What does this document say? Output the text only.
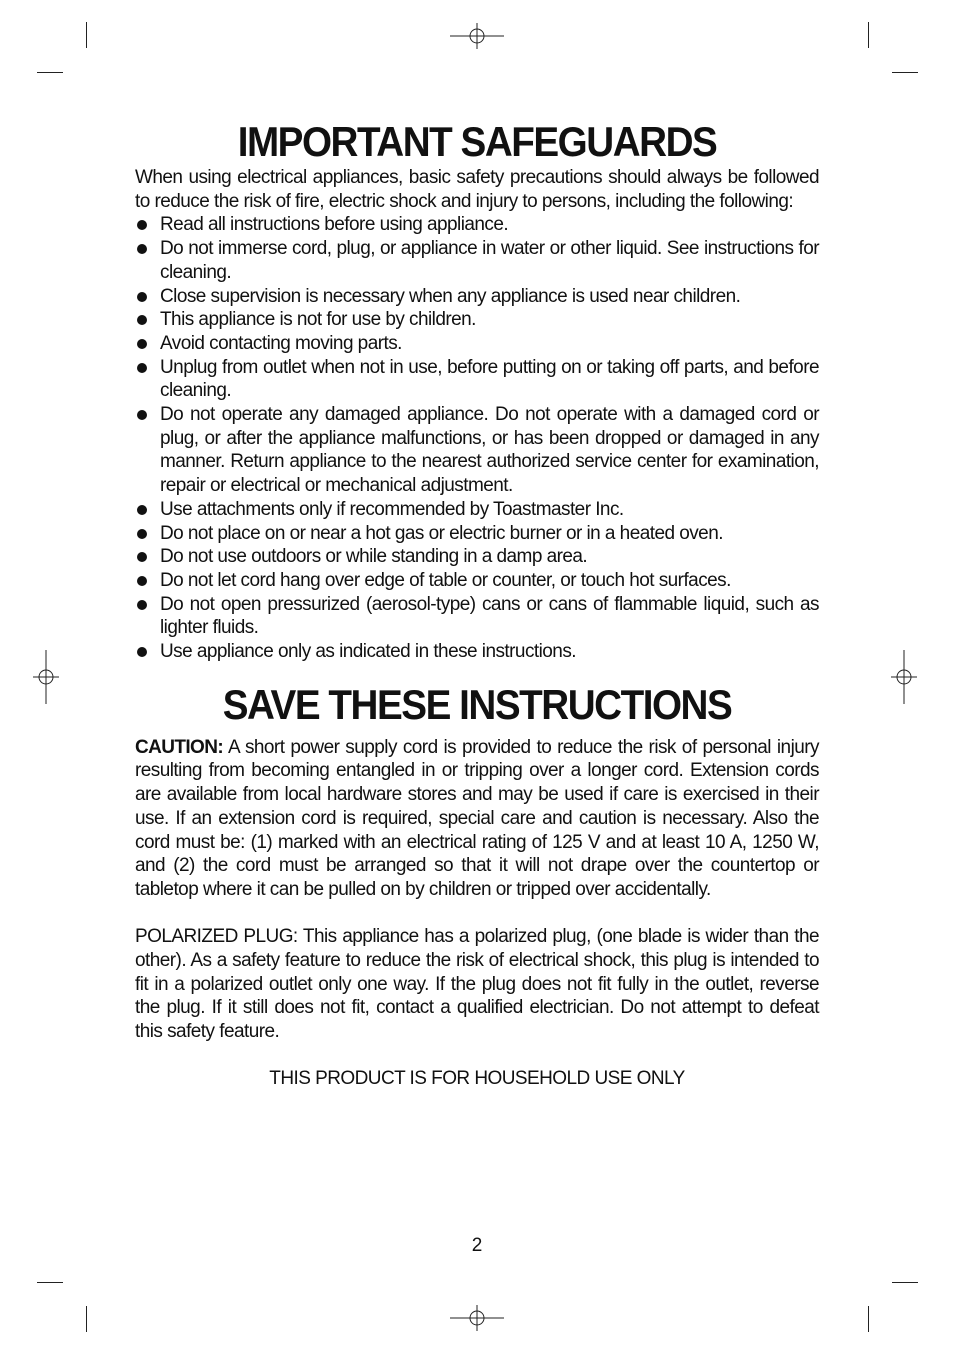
IMPORTANT SAFEGUARDS

When using electrical appliances, basic safety precautions should always be followed to reduce the risk of fire, electric shock and injury to persons, including the following:

Read all instructions before using appliance.
Do not immerse cord, plug, or appliance in water or other liquid. See instructions for cleaning.
Close supervision is necessary when any appliance is used near children.
This appliance is not for use by children.
Avoid contacting moving parts.
Unplug from outlet when not in use, before putting on or taking off parts, and before cleaning.
Do not operate any damaged appliance. Do not operate with a damaged cord or plug, or after the appliance malfunctions, or has been dropped or damaged in any manner. Return appliance to the nearest authorized service center for examination, repair or electrical or mechanical adjustment.
Use attachments only if recommended by Toastmaster Inc.
Do not place on or near a hot gas or electric burner or in a heated oven.
Do not use outdoors or while standing in a damp area.
Do not let cord hang over edge of table or counter, or touch hot surfaces.
Do not open pressurized (aerosol-type) cans or cans of flammable liquid, such as lighter fluids.
Use appliance only as indicated in these instructions.
SAVE THESE INSTRUCTIONS

CAUTION: A short power supply cord is provided to reduce the risk of personal injury resulting from becoming entangled in or tripping over a longer cord. Extension cords are available from local hardware stores and may be used if care is exercised in their use. If an extension cord is required, special care and caution is necessary. Also the cord must be: (1) marked with an electrical rating of 125 V and at least 10 A, 1250 W, and (2) the cord must be arranged so that it will not drape over the countertop or tabletop where it can be pulled on by children or tripped over accidentally.

POLARIZED PLUG: This appliance has a polarized plug, (one blade is wider than the other). As a safety feature to reduce the risk of electrical shock, this plug is intended to fit in a polarized outlet only one way. If the plug does not fit fully in the outlet, reverse the plug. If it still does not fit, contact a qualified electrician. Do not attempt to defeat this safety feature.

THIS PRODUCT IS FOR HOUSEHOLD USE ONLY

2
